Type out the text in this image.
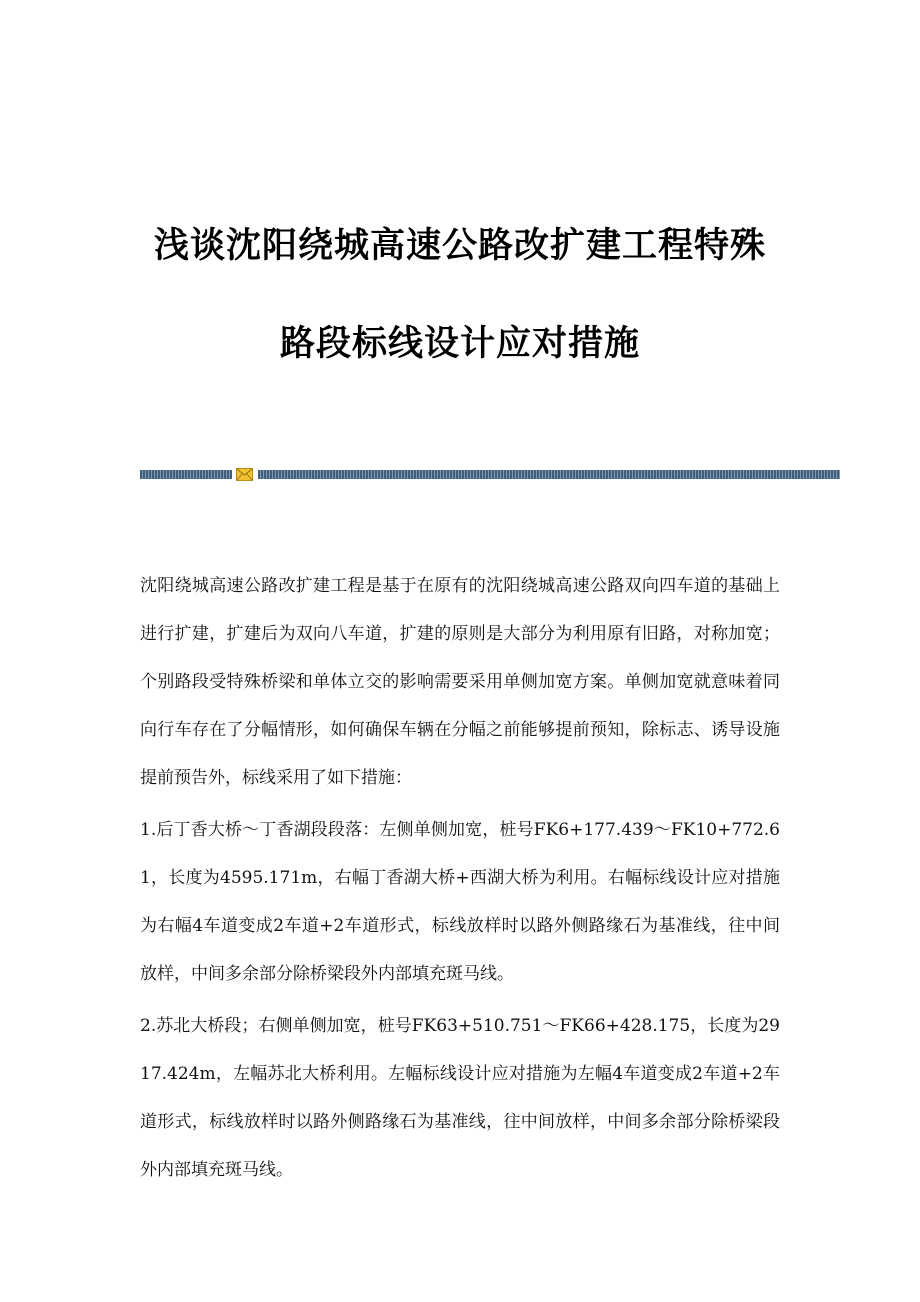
浅谈沈阳绕城高速公路改扩建工程特殊
路段标线设计应对措施

沈阳绕城高速公路改扩建工程是基于在原有的沈阳绕城高速公路双向四车道的基础上进行扩建，扩建后为双向八车道，扩建的原则是大部分为利用原有旧路，对称加宽；个别路段受特殊桥梁和单体立交的影响需要采用单侧加宽方案。单侧加宽就意味着同向行车存在了分幅情形，如何确保车辆在分幅之前能够提前预知，除标志、诱导设施提前预告外，标线采用了如下措施：

1.后丁香大桥～丁香湖段段落：左侧单侧加宽，桩号FK6+177.439～FK10+772.61，长度为4595.171m，右幅丁香湖大桥+西湖大桥为利用。右幅标线设计应对措施为右幅4车道变成2车道+2车道形式，标线放样时以路外侧路缘石为基准线，往中间放样，中间多余部分除桥梁段外内部填充斑马线。

2.苏北大桥段；右侧单侧加宽，桩号FK63+510.751～FK66+428.175，长度为2917.424m，左幅苏北大桥利用。左幅标线设计应对措施为左幅4车道变成2车道+2车道形式，标线放样时以路外侧路缘石为基准线，往中间放样，中间多余部分除桥梁段外内部填充斑马线。
